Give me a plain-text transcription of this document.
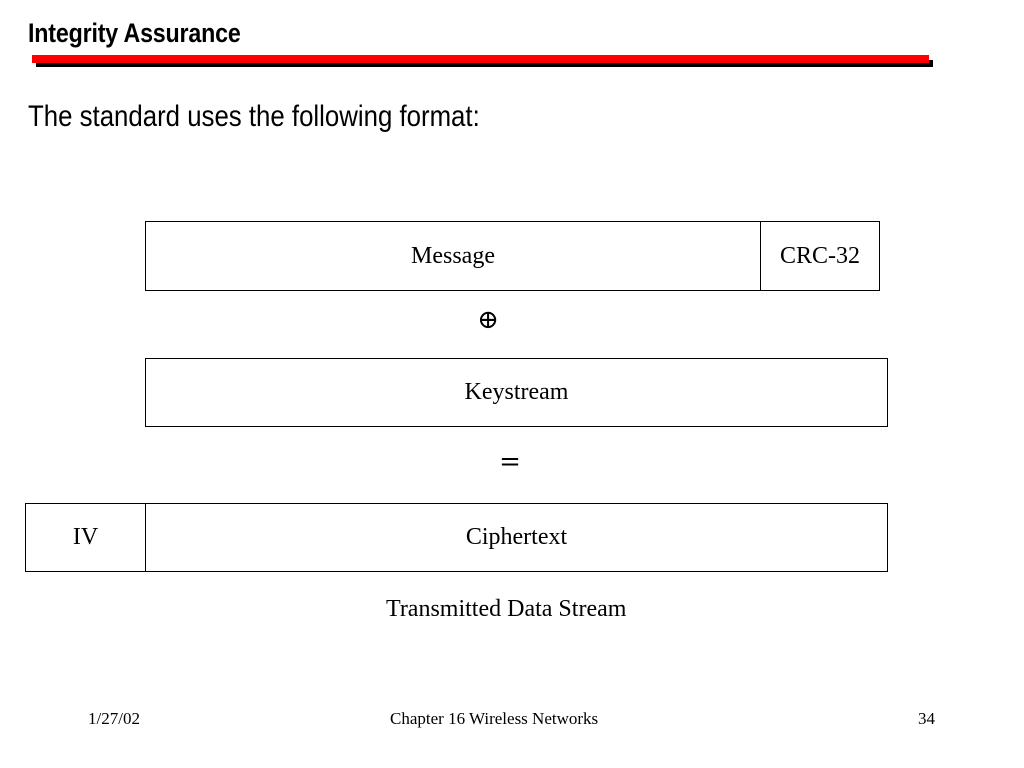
Integrity Assurance
The standard uses the following format:
Message	CRC-32
⊕
Keystream
=
IV	Ciphertext
Transmitted Data Stream
1/27/02	Chapter 16 Wireless Networks	34
